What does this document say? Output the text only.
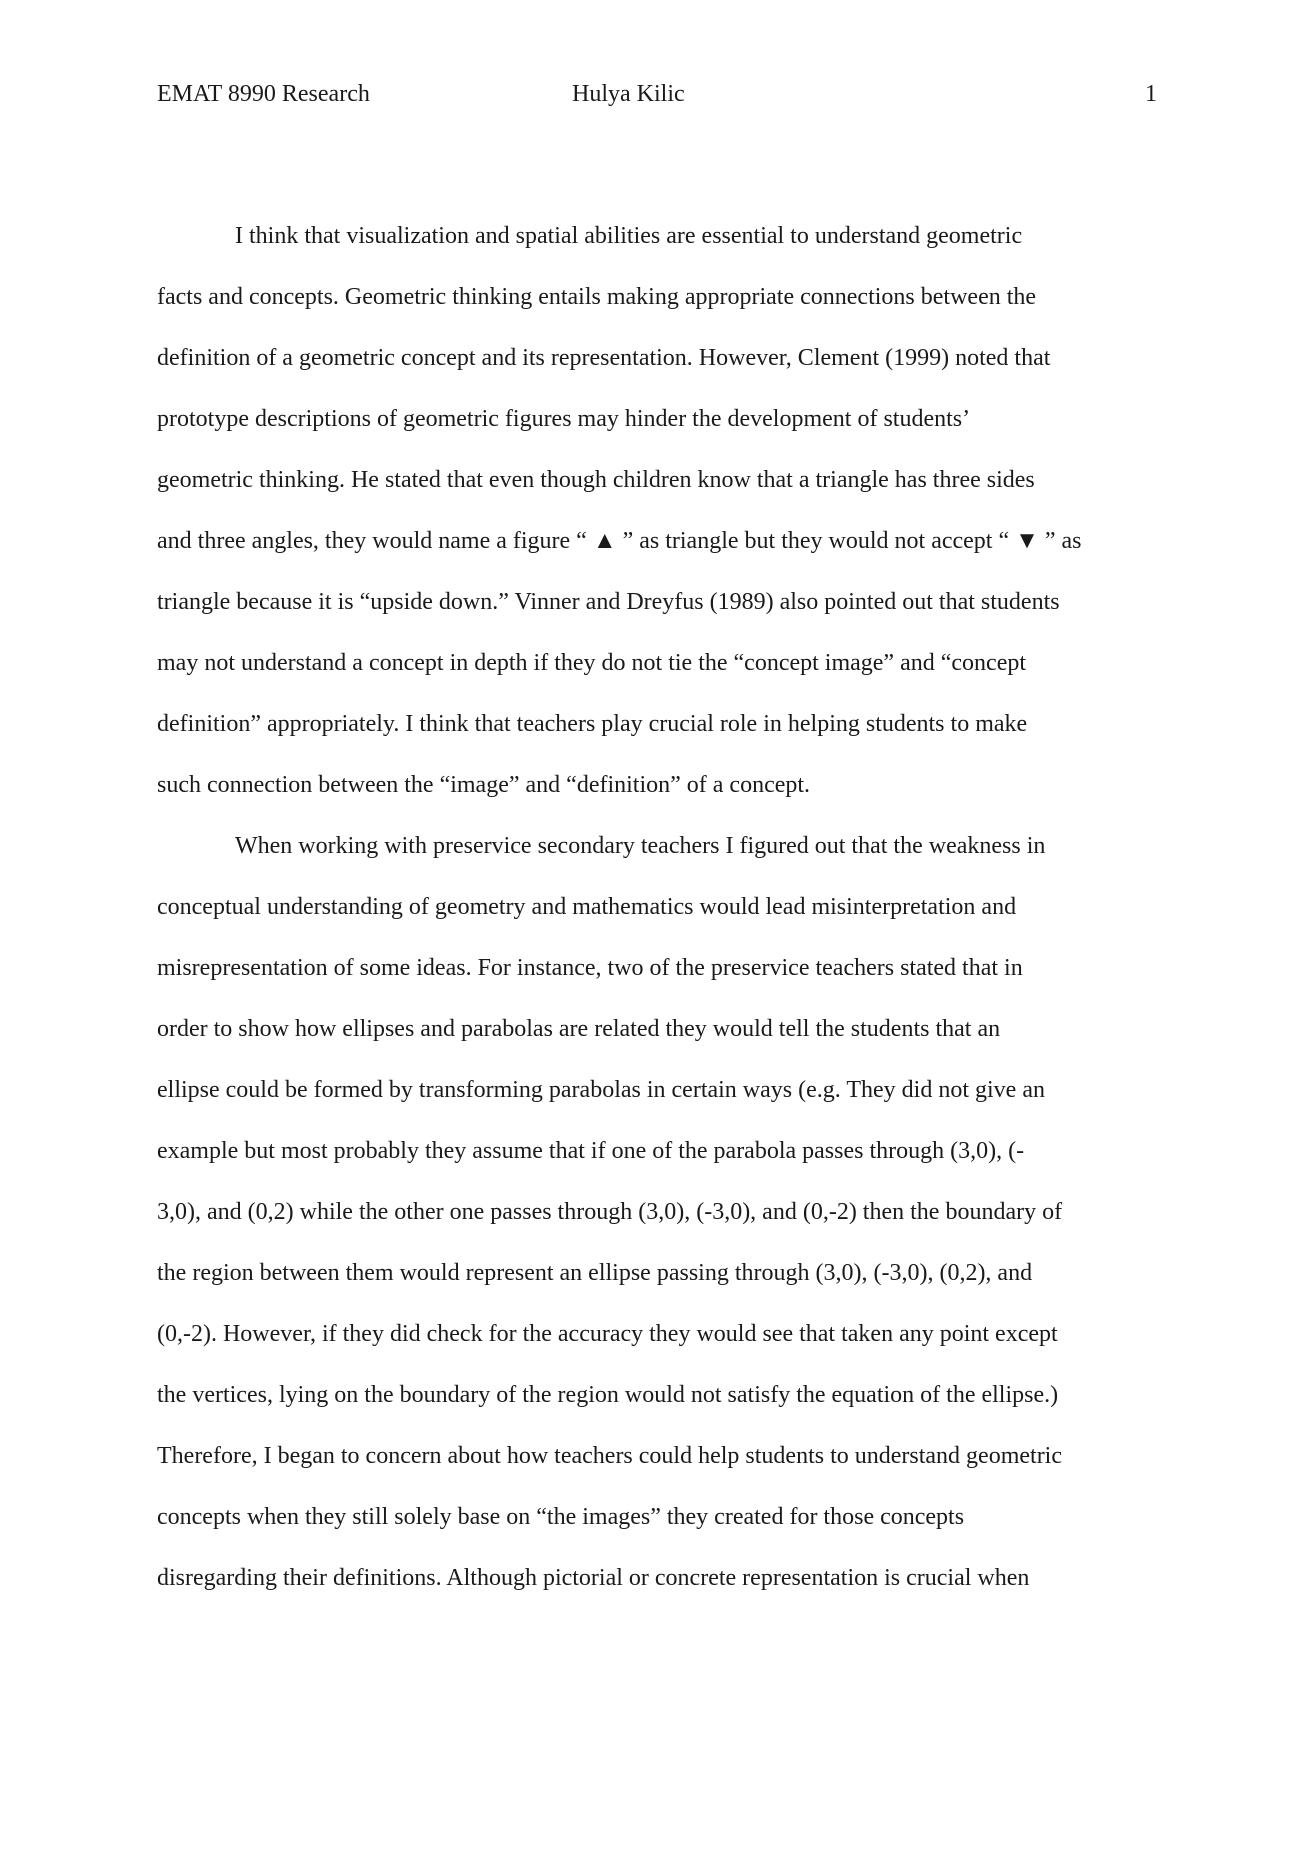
EMAT 8990 Research	Hulya Kilic	1
I think that visualization and spatial abilities are essential to understand geometric
facts and concepts. Geometric thinking entails making appropriate connections between the
definition of a geometric concept and its representation. However, Clement (1999) noted that
prototype descriptions of geometric figures may hinder the development of students’
geometric thinking. He stated that even though children know that a triangle has three sides
and three angles, they would name a figure “ ▲ ” as triangle but they would not accept “ ▼ ” as
triangle because it is “upside down.” Vinner and Dreyfus (1989) also pointed out that students
may not understand a concept in depth if they do not tie the “concept image” and “concept
definition” appropriately. I think that teachers play crucial role in helping students to make
such connection between the “image” and “definition” of a concept.
When working with preservice secondary teachers I figured out that the weakness in
conceptual understanding of geometry and mathematics would lead misinterpretation and
misrepresentation of some ideas. For instance, two of the preservice teachers stated that in
order to show how ellipses and parabolas are related they would tell the students that an
ellipse could be formed by transforming parabolas in certain ways (e.g. They did not give an
example but most probably they assume that if one of the parabola passes through (3,0), (-
3,0), and (0,2) while the other one passes through (3,0), (-3,0), and (0,-2) then the boundary of
the region between them would represent an ellipse passing through (3,0), (-3,0), (0,2), and
(0,-2). However, if they did check for the accuracy they would see that taken any point except
the vertices, lying on the boundary of the region would not satisfy the equation of the ellipse.)
Therefore, I began to concern about how teachers could help students to understand geometric
concepts when they still solely base on “the images” they created for those concepts
disregarding their definitions. Although pictorial or concrete representation is crucial when
